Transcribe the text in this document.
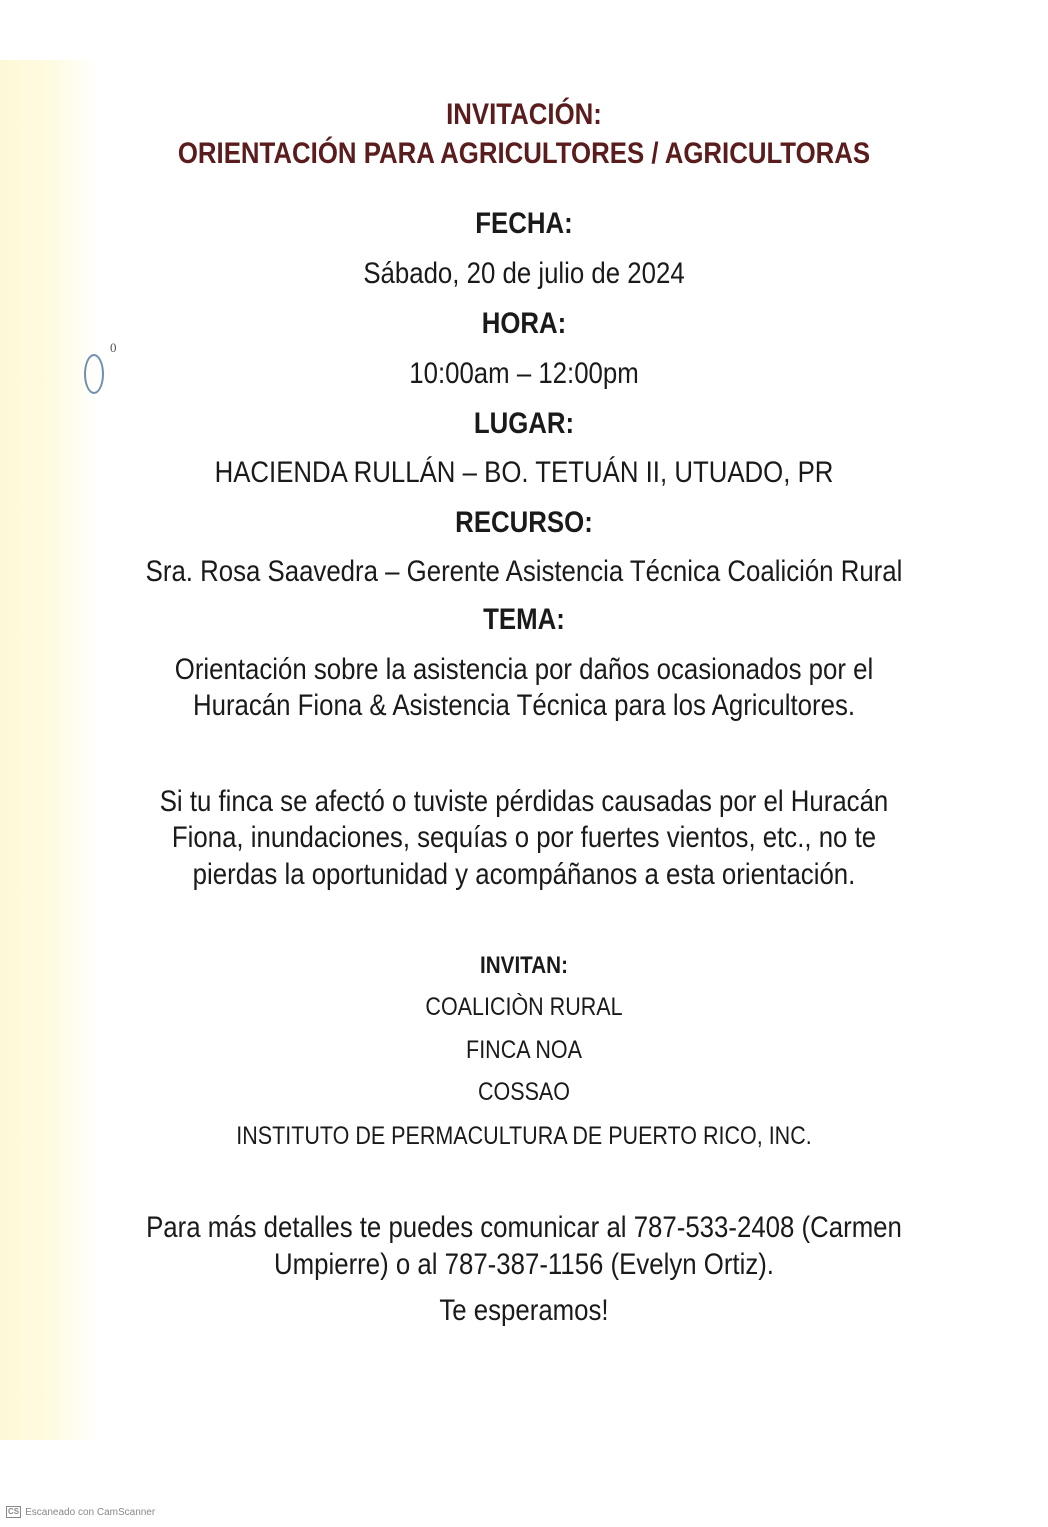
0
INVITACIÓN:
ORIENTACIÓN PARA AGRICULTORES / AGRICULTORAS
FECHA:
Sábado, 20 de julio de 2024
HORA:
10:00am – 12:00pm
LUGAR:
HACIENDA RULLÁN – BO. TETUÁN II, UTUADO, PR
RECURSO:
Sra. Rosa Saavedra – Gerente Asistencia Técnica Coalición Rural
TEMA:
Orientación sobre la asistencia por daños ocasionados por el
Huracán Fiona & Asistencia Técnica para los Agricultores.
Si tu finca se afectó o tuviste pérdidas causadas por el Huracán
Fiona, inundaciones, sequías o por fuertes vientos, etc., no te
pierdas la oportunidad y acompáñanos a esta orientación.
INVITAN:
COALICIÒN RURAL
FINCA NOA
COSSAO
INSTITUTO DE PERMACULTURA DE PUERTO RICO, INC.
Para más detalles te puedes comunicar al 787-533-2408 (Carmen
Umpierre) o al 787-387-1156 (Evelyn Ortiz).
Te esperamos!
CS Escaneado con CamScanner
